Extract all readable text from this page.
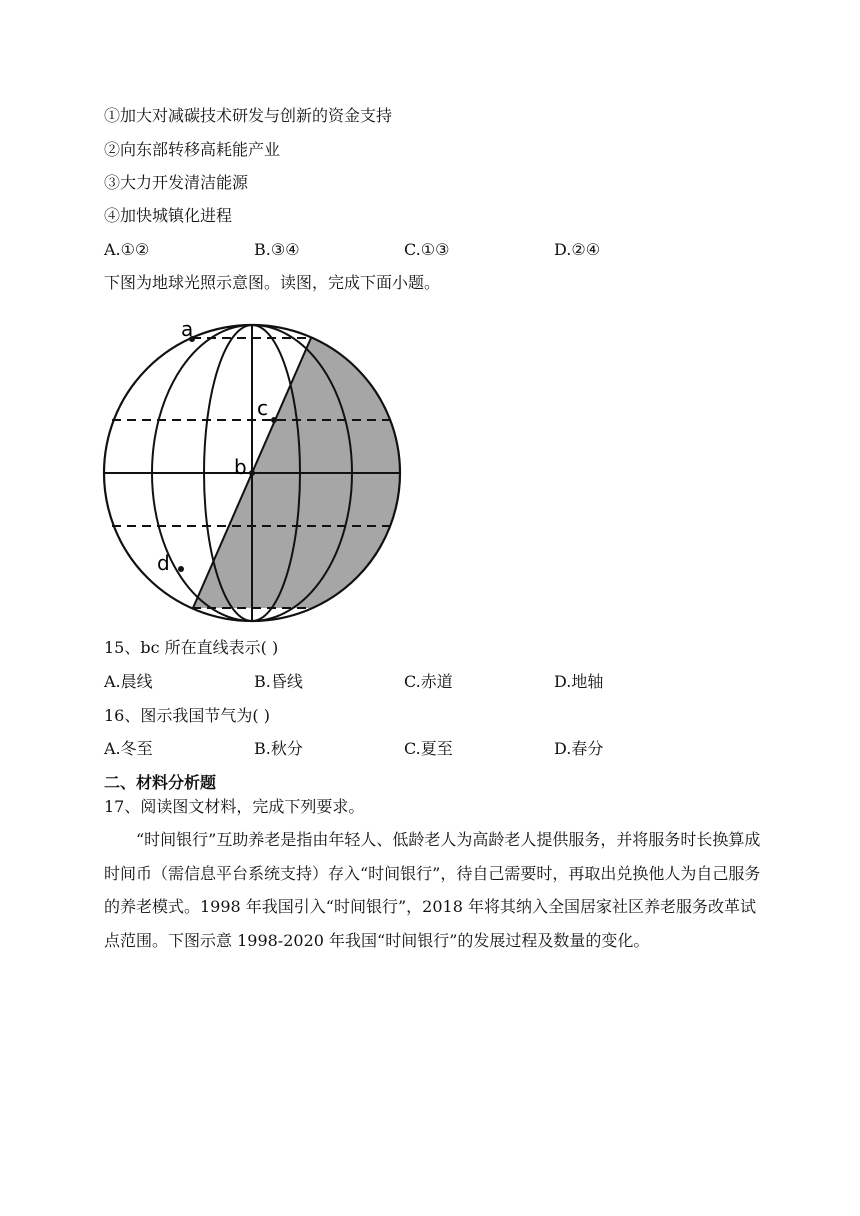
①加大对减碳技术研发与创新的资金支持
②向东部转移高耗能产业
③大力开发清洁能源
④加快城镇化进程
A.①②	B.③④	C.①③	D.②④
下图为地球光照示意图。读图，完成下面小题。
a
b
c
d
15、bc 所在直线表示( )
A.晨线	B.昏线	C.赤道	D.地轴
16、图示我国节气为( )
A.冬至	B.秋分	C.夏至	D.春分
二、材料分析题
17、阅读图文材料，完成下列要求。
“时间银行”互助养老是指由年轻人、低龄老人为高龄老人提供服务，并将服务时长换算成时间币（需信息平台系统支持）存入“时间银行”，待自己需要时，再取出兑换他人为自己服务的养老模式。1998 年我国引入“时间银行”，2018 年将其纳入全国居家社区养老服务改革试点范围。下图示意 1998-2020 年我国“时间银行”的发展过程及数量的变化。
